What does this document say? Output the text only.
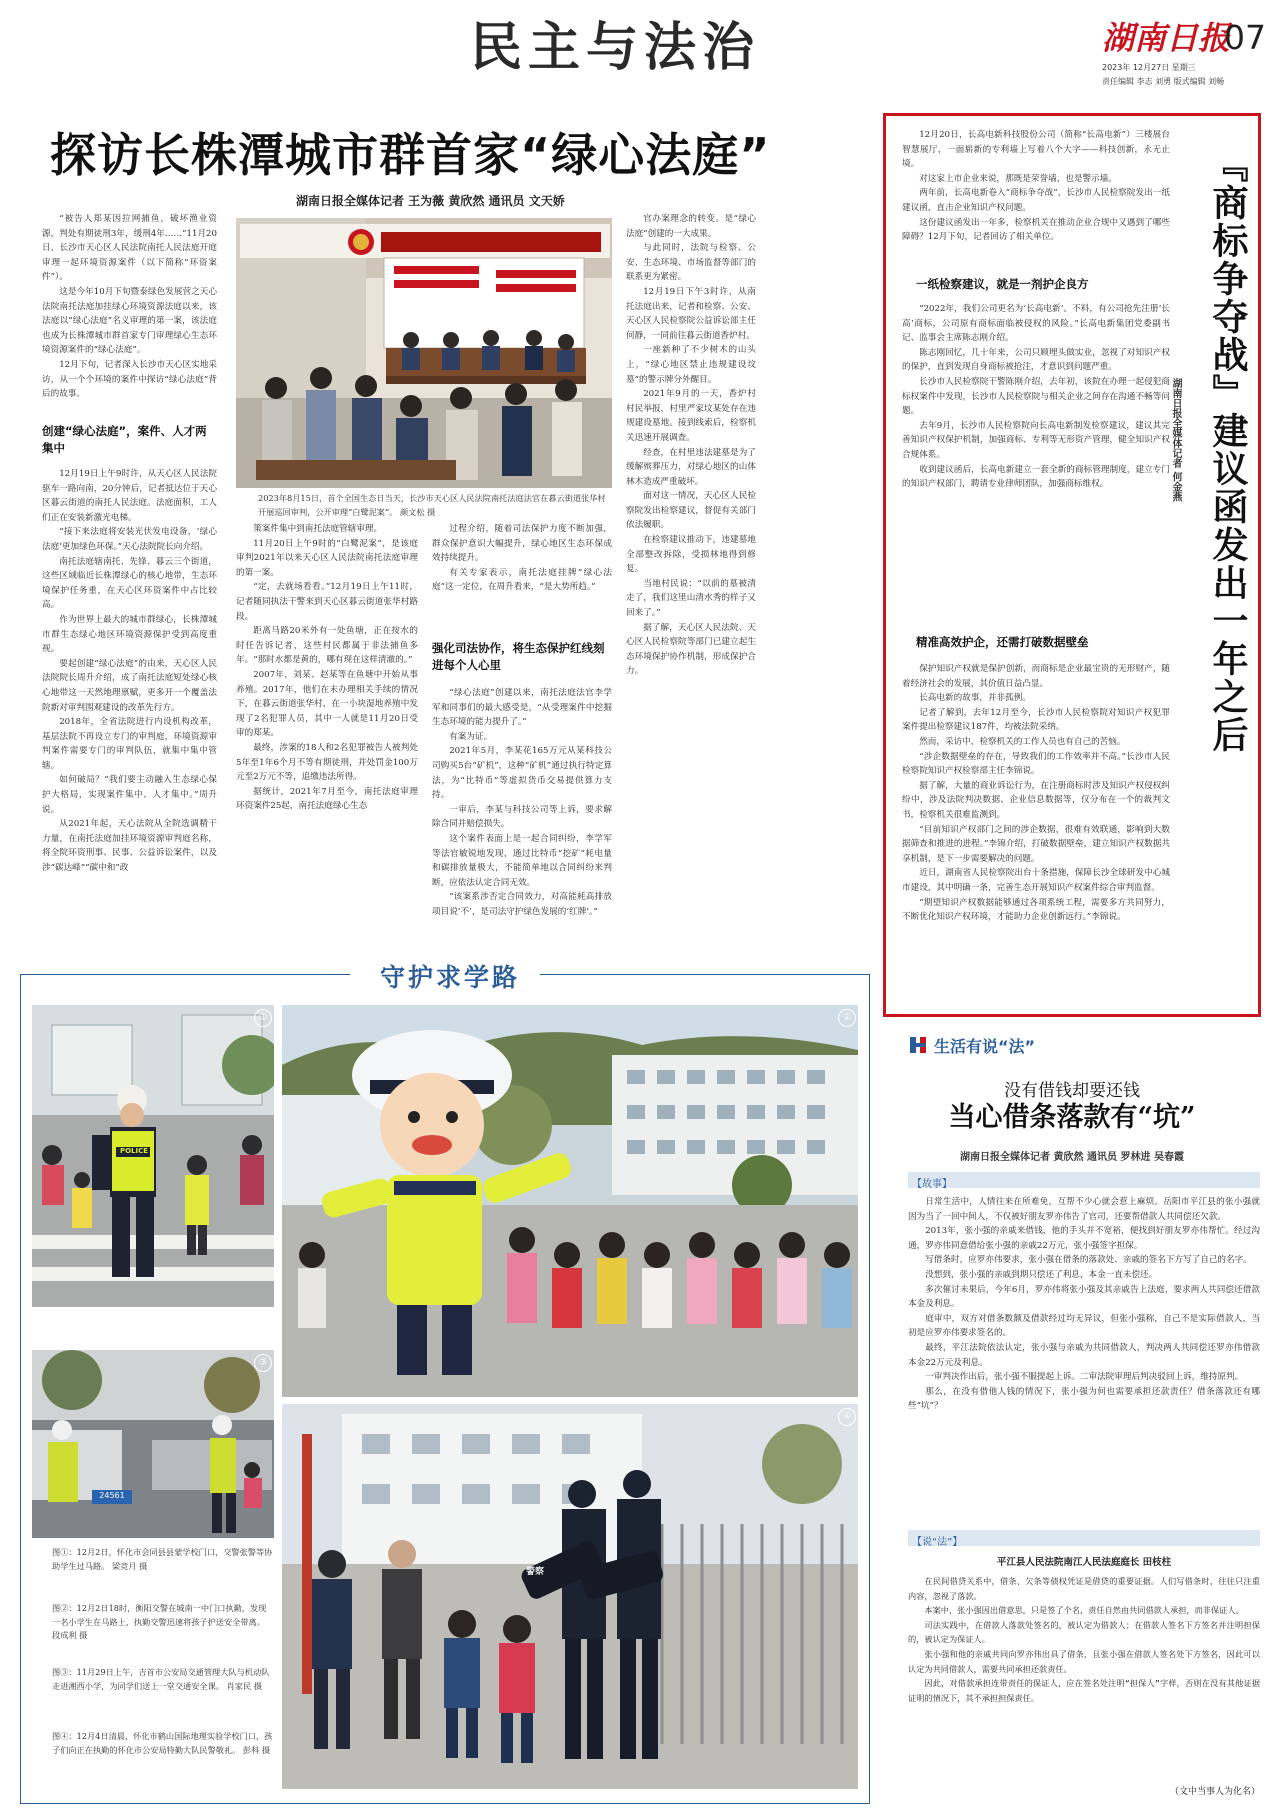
民主与法治	湖南日报
07
2023年 12月27日 星期三
责任编辑 李志 刘勇 版式编辑 刘畅
探访长株潭城市群首家“绿心法庭”
湖南日报全媒体记者 王为薇 黄欣然 通讯员 文天娇

“被告人郑某因拉网捕鱼，破坏渔业资源，判处有期徒刑3年，缓刑4年……”11月20日，长沙市天心区人民法院南托人民法庭开庭审理一起环境资源案件（以下简称“环资案件”）。

这是今年10月下旬暨泰绿色发展营之天心法院南托法庭加挂绿心环境资源法庭以来，该法庭以“绿心法庭”名义审理的第一案，该法庭也成为长株潭城市群首家专门审理绿心生态环境资源案件的“绿心法庭”。

12月下旬，记者深入长沙市天心区实地采访，从一个个环境的案件中探访“绿心法庭”背后的故事。

创建“绿心法庭”，案件、人才两集中

12月19日上午9时许，从天心区人民法院驱车一路向南，20分钟后，记者抵达位于天心区暮云街道的南托人民法庭。法庭面积，工人们正在安装新激光电梯。

“接下来法庭将安装光伏发电设备，‘绿心法庭’更加绿色环保。”天心法院院长向介绍。

南托法庭辖南托、先锋、暮云三个街道，这些区域临近长株潭绿心的核心地带，生态环境保护任务重，在天心区环资案件中占比较高。

作为世界上最大的城市群绿心，长株潭城市群生态绿心地区环境资源保护受到高度重视。

要起创建“绿心法庭”的由来，天心区人民法院院长周升介绍，成了南托法庭短处绿心核心地带这一天然地理禀赋，更多开一个覆盖法院新对审判围观建设的改革先行方。

2018年，全省法院进行内设机构改革，基层法院不再设立专门的审判庭，环境资源审判案件需要专门的审判队伍，就集中集中管辖。

如何破局？“我们要主动融入生态绿心保护大格局，实现案件集中、人才集中。”周升说。

从2021年起，天心法院从全院选调精干力量，在南托法庭加挂环境资源审判庭名称，将全院环资刑事、民事、公益诉讼案件，以及涉“碳达峰”“碳中和”政

2023年8月15日，首个全国生态日当天，长沙市天心区人民法院南托法庭法官在暮云街道张华村开展巡回审判，公开审理“白鹭泥案”。 颜文松 摄

策案件集中到南托法庭管辖审理。

11月20日上午9时的“白鹭泥案”，是该庭审判2021年以来天心区人民法院南托法庭审理的第一案。

“定，去就场看看。”12月19日上午11时，记者随同执法干警来到天心区暮云街道张华村路段。

距离马路20米外有一处鱼塘，正在按水的时任告诉记者，这些村民都属于非法捕鱼多年。“那时水都是黄的，哪有现在这样清澈的。”

2007年，刘某、赵某等在鱼塘中开始从事养殖。2017年，他们在未办理相关手续的情况下，在暮云街道张华村，在一小块湿地养殖中发现了2名犯罪人员，其中一人就是11月20日受审的郑某。

最终，涉案的18人和2名犯罪被告人被判处5年至1年6个月不等有期徒刑，并处罚金100万元至2万元不等，追缴违法所得。

据统计，2021年7月至今，南托法庭审理环资案件25起，南托法庭绿心生态

过程介绍，随着司法保护力度不断加强，群众保护意识大幅提升，绿心地区生态环保成效持续提升。

有关专家表示，南托法庭挂牌“绿心法庭”这一定位，在周升看来，“是大势所趋。”

强化司法协作，将生态保护红线刻进每个人心里

“绿心法庭”创建以来，南托法庭法官李学军和同事们的最大感受是，“从受理案件中挖掘生态环境的能力提升了。”

有案为证。

2021年5月，李某花165万元从某科技公司购买5台“矿机”，这种“矿机”通过执行特定算法，为“比特币”等虚拟货币交易提供算力支持。

一审后，李某与科技公司等上诉，要求解除合同并赔偿损失。

这个案件表面上是一起合同纠纷，李学军等法官敏锐地发现，通过比特币“挖矿”耗电量和碳排放量极大，不能简单地以合同纠纷来判断，应依法认定合同无效。

“该案系涉否定合同效力，对高能耗高排放项目说‘不’，是司法守护绿色发展的‘红牌’。”

官办案理念的转变。是“绿心法庭”创建的一大成果。

与此同时，法院与检察、公安、生态环境、市场监督等部门的联系更为紧密。

12月19日下午3时许，从南托法庭出来，记者和检察、公安、天心区人民检察院公益诉讼部主任何静，一同前往暮云街道香炉村。

一座新种了不少树木的山头上，“绿心地区禁止违规建设坟墓”的警示牌分外醒目。

2021年9月的一天，香炉村村民举报，村里严家坟某处存在违规建设墓地。接到线索后，检察机关迅速开展调查。

经查，在村里违法建墓是为了缓解殡葬压力，对绿心地区的山体林木造成严重破坏。

面对这一情况，天心区人民检察院发出检察建议，督促有关部门依法履职。

在检察建议推动下，违建墓地全部整改拆除，受损林地得到修复。

当地村民说：“以前的墓被清走了，我们这里山清水秀的样子又回来了。”

据了解，天心区人民法院、天心区人民检察院等部门已建立起生态环境保护协作机制，形成保护合力。

12月20日，长高电新科技股份公司（简称“长高电新”）三楼展台智慧展厅，一面崭新的专利墙上写着八个大字——科技创新，永无止境。

对这家上市企业来说，那既是荣誉墙，也是警示墙。

两年前，长高电新卷入“商标争夺战”，长沙市人民检察院发出一纸建议函，直击企业知识产权问题。

这份建议函发出一年多，检察机关在推动企业合规中又遇到了哪些障碍？12月下旬，记者回访了相关单位。

一纸检察建议，就是一剂护企良方

“2022年，我们公司更名为‘长高电新’。不料，有公司抢先注册‘长高’商标，公司原有商标面临被侵权的风险。”长高电新集团党委副书记、监事会主席陈志刚介绍。

陈志刚回忆，几十年来，公司只顾埋头做实业，忽视了对知识产权的保护，直到发现自身商标被抢注，才意识到问题严重。

长沙市人民检察院干警陈刚介绍，去年初，该院在办理一起侵犯商标权案件中发现，长沙市人民检察院与相关企业之间存在沟通不畅等问题。

去年9月，长沙市人民检察院向长高电新制发检察建议，建议其完善知识产权保护机制，加强商标、专利等无形资产管理，健全知识产权合规体系。

收到建议函后，长高电新建立一套全新的商标管理制度，建立专门的知识产权部门，聘请专业律师团队，加强商标维权。

精准高效护企，还需打破数据壁垒

保护知识产权就是保护创新，而商标是企业最宝贵的无形财产，随着经济社会的发展，其价值日益凸显。

长高电新的故事，并非孤例。

记者了解到，去年12月至今，长沙市人民检察院对知识产权犯罪案件提出检察建议187件，均被法院采纳。

然而，采访中，检察机关的工作人员也有自己的苦恼。

“涉企数据壁垒的存在，导致我们的工作效率并不高。”长沙市人民检察院知识产权检察部主任李锦说。

据了解，大量的商业诉讼行为，在注册商标时涉及知识产权侵权纠纷中，涉及法院判决数据、企业信息数据等，仅分布在一个的裁判文书，检察机关很难监测到。

“目前知识产权部门之间的涉企数据，很难有效联通，影响到大数据筛查和推进的进程。”李锦介绍，打破数据壁垒，建立知识产权数据共享机制，是下一步需要解决的问题。

近日，湖南省人民检察院出台十条措施，保障长沙全球研发中心城市建设，其中明确一条，完善生态开展知识产权案件综合审判监督。

“期望知识产权数据能够通过各项系统工程，需要多方共同努力，不断优化知识产权环境，才能助力企业创新远行。”李锦说。

『商标争夺战』建议函发出一年之后
湖南日报全媒体记者 何金燕
守护求学路
POLICE
①	②
24561
③
警察
④
图①：12月2日，怀化市会同县县蒙学校门口，交警张警等协助学生过马路。 梁竞月 摄
图②：12月2日18时，衡阳交警在城南一中门口执勤，发现一名小学生在马路上，执勤交警迅速将孩子护送安全带离。 段成利 摄
图③：11月29日上午，吉首市公安局交通管理大队与机动队走进湘西小学，为同学们送上一堂交通安全课。 肖家民 摄
图④：12月4日清晨，怀化市鹤山国际地理实验学校门口，孩子们向正在执勤的怀化市公安局特勤大队民警敬礼。 彭科 摄
生活有说“法”
没有借钱却要还钱
当心借条落款有“坑”
湖南日报全媒体记者 黄欣然 通讯员 罗林进 吴春霞
【故事】

日常生活中，人情往来在所难免，互帮不少心就会惹上麻烦。岳阳市平江县的张小强就因为当了一回中间人，不仅被好朋友罗亦伟告了官司，还要帮借款人共同偿还欠款。

2013年，张小强的亲戚来借钱，他的手头并不宽裕，便找到好朋友罗亦伟帮忙。经过沟通，罗亦伟同意借给张小强的亲戚22万元，张小强签字担保。

写借条时，应罗亦伟要求，张小强在借条的落款处、亲戚的签名下方写了自己的名字。

没想到，张小强的亲戚到期只偿还了利息，本金一直未偿还。

多次催讨未果后，今年6月，罗亦伟将张小强及其亲戚告上法庭，要求两人共同偿还借款本金及利息。

庭审中，双方对借条数额及借款经过均无异议，但张小强称，自己不是实际借款人，当初是应罗亦伟要求签名的。

最终，平江法院依法认定，张小强与亲戚为共同借款人，判决两人共同偿还罗亦伟借款本金22万元及利息。

一审判决作出后，张小强不服提起上诉。二审法院审理后判决驳回上诉，维持原判。

那么，在没有借他人钱的情况下，张小强为何也需要承担还款责任？借条落款还有哪些“坑”？

【说“法”】
平江县人民法院南江人民法庭庭长 田枝柱

在民间借贷关系中，借条、欠条等债权凭证是借贷的重要证据。人们写借条时，往往只注重内容，忽视了落款。

本案中，张小强因出借意思，只是签了个名，责任自然由共同借款人承担，而非保证人。

司法实践中，在借款人落款处签名的，被认定为借款人；在借款人签名下方签名并注明担保的，被认定为保证人。

张小强和他的亲戚共同向罗亦伟出具了借条，且张小强在借款人签名处下方签名，因此可以认定为共同借款人，需要共同承担还款责任。

因此，对借款承担连带责任的保证人，应在签名处注明“担保人”字样，否则在没有其他证据证明的情况下，其不承担担保责任。

（文中当事人为化名）
